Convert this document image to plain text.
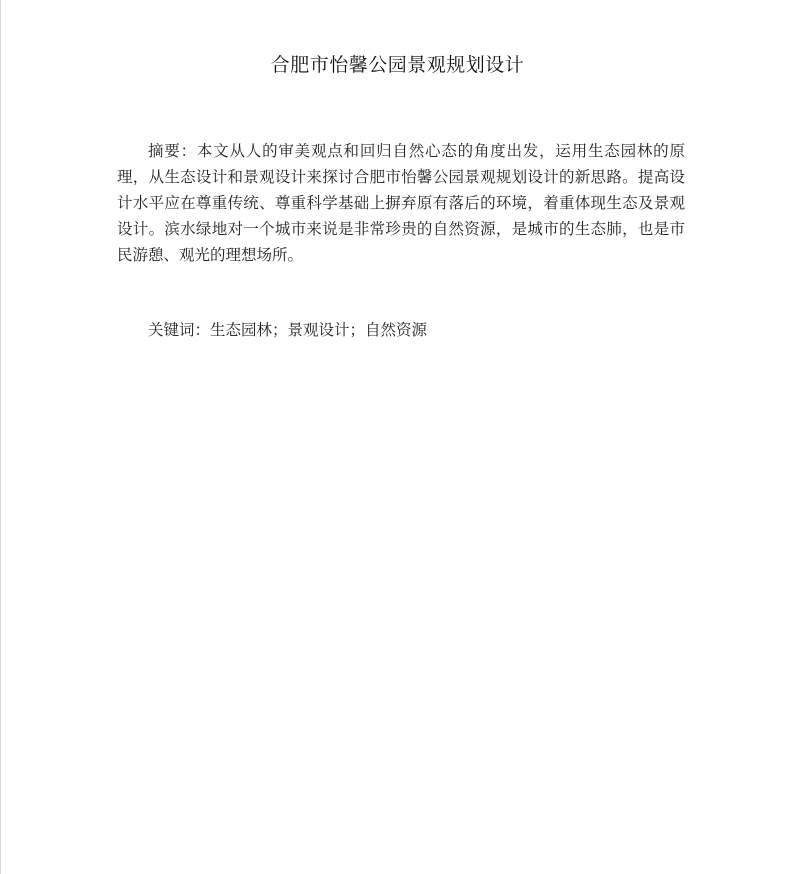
合肥市怡馨公园景观规划设计

摘要：本文从人的审美观点和回归自然心态的角度出发，运用生态园林的原理，从生态设计和景观设计来探讨合肥市怡馨公园景观规划设计的新思路。提高设计水平应在尊重传统、尊重科学基础上摒弃原有落后的环境，着重体现生态及景观设计。滨水绿地对一个城市来说是非常珍贵的自然资源，是城市的生态肺，也是市民游憩、观光的理想场所。

关键词：生态园林；景观设计；自然资源
